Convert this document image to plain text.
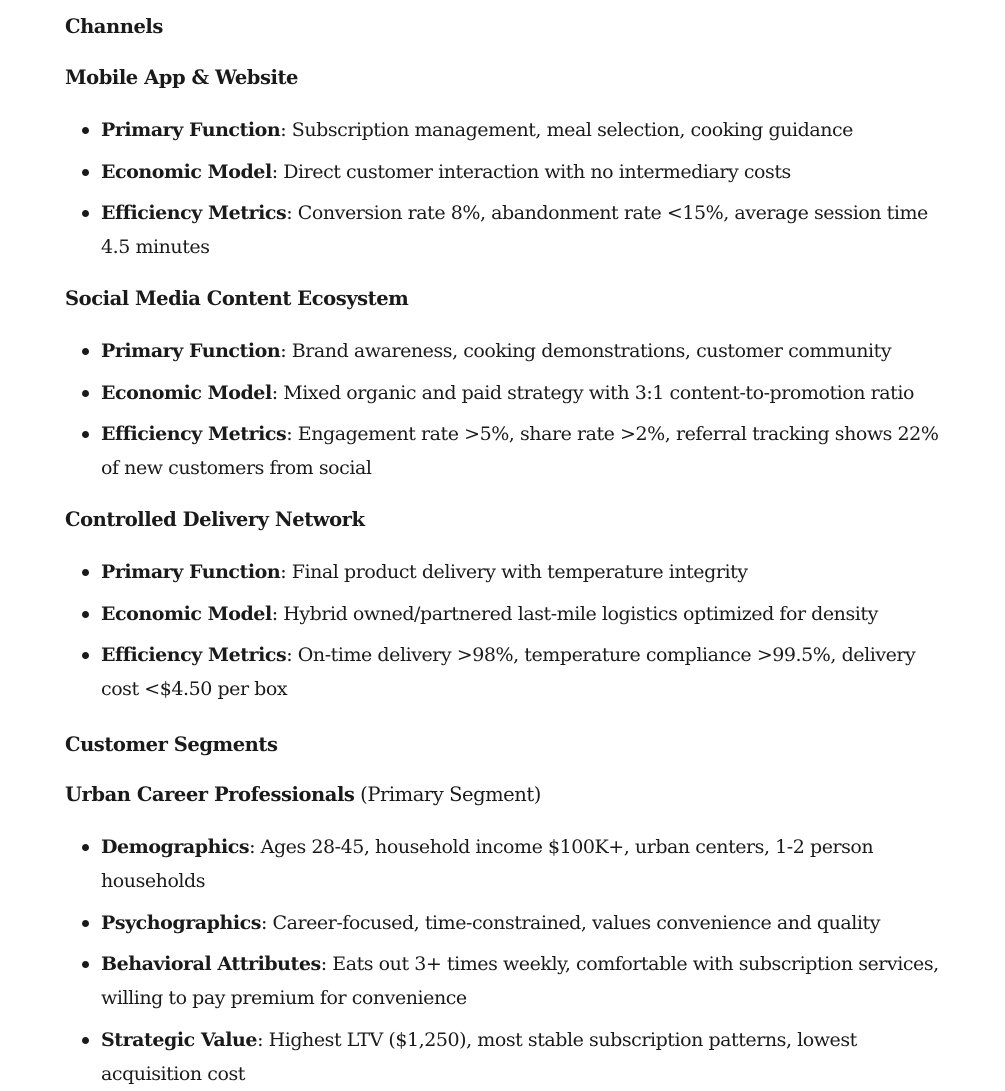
Channels
Mobile App & Website
Primary Function: Subscription management, meal selection, cooking guidance
Economic Model: Direct customer interaction with no intermediary costs
Efficiency Metrics: Conversion rate 8%, abandonment rate <15%, average session time 4.5 minutes
Social Media Content Ecosystem
Primary Function: Brand awareness, cooking demonstrations, customer community
Economic Model: Mixed organic and paid strategy with 3:1 content-to-promotion ratio
Efficiency Metrics: Engagement rate >5%, share rate >2%, referral tracking shows 22% of new customers from social
Controlled Delivery Network
Primary Function: Final product delivery with temperature integrity
Economic Model: Hybrid owned/partnered last-mile logistics optimized for density
Efficiency Metrics: On-time delivery >98%, temperature compliance >99.5%, delivery cost <$4.50 per box
Customer Segments
Urban Career Professionals (Primary Segment)
Demographics: Ages 28-45, household income $100K+, urban centers, 1-2 person households
Psychographics: Career-focused, time-constrained, values convenience and quality
Behavioral Attributes: Eats out 3+ times weekly, comfortable with subscription services, willing to pay premium for convenience
Strategic Value: Highest LTV ($1,250), most stable subscription patterns, lowest acquisition cost
